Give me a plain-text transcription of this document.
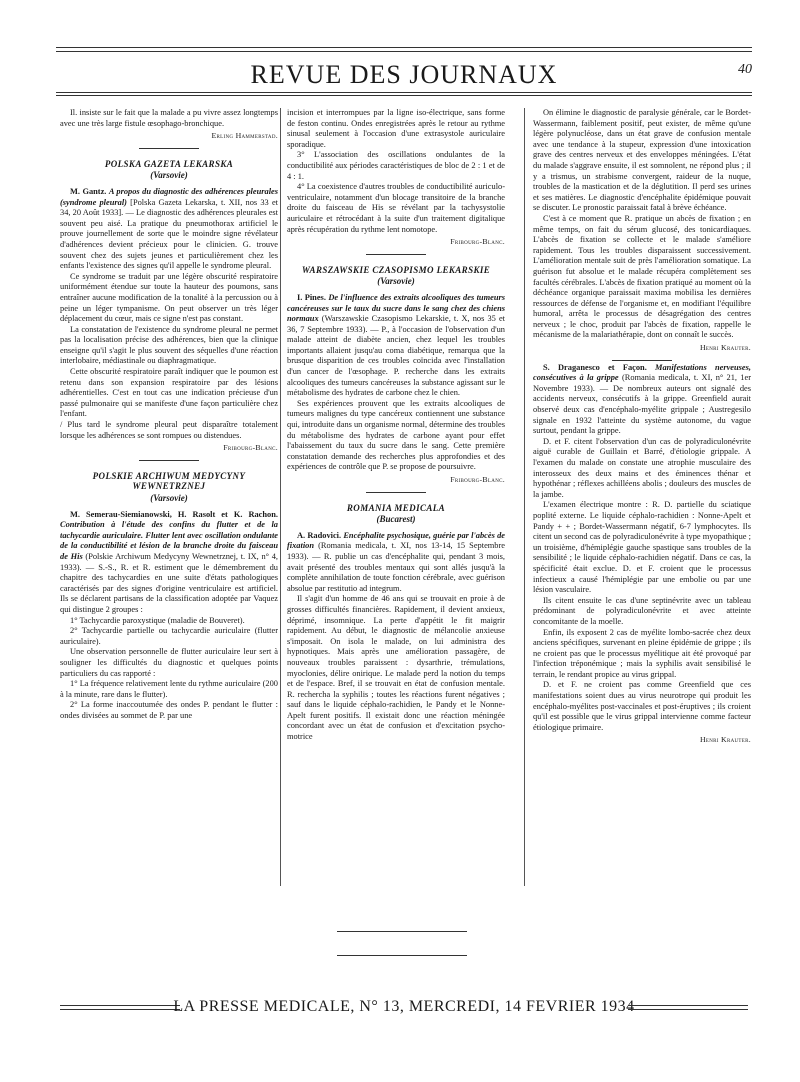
REVUE DES JOURNAUX	40

Il. insiste sur le fait que la malade a pu vivre assez longtemps avec une très large fistule œsophago-bronchique.

Erling Hammerstad.
POLSKA GAZETA LEKARSKA
(Varsovie)

M. Gantz. A propos du diagnostic des adhérences pleurales (syndrome pleural) [Polska Gazeta Lekarska, t. XII, nos 33 et 34, 20 Août 1933]. — Le diagnostic des adhérences pleurales est souvent peu aisé. La pratique du pneumothorax artificiel le prouve journellement de sorte que le moindre signe révélateur d'adhérences devient précieux pour le clinicien. G. trouve souvent chez des sujets jeunes et particulièrement chez les enfants l'existence des signes qu'il appelle le syndrome pleural.

Ce syndrome se traduit par une légère obscurité respiratoire uniformément étendue sur toute la hauteur des poumons, sans entraîner aucune modification de la tonalité à la percussion ou à peine un léger tympanisme. On peut observer un très léger déplacement du cœur, mais ce signe n'est pas constant.

La constatation de l'existence du syndrome pleural ne permet pas la localisation précise des adhérences, bien que la clinique enseigne qu'il s'agit le plus souvent des séquelles d'une réaction interlobaire, médiastinale ou diaphragmatique.

Cette obscurité respiratoire paraît indiquer que le poumon est retenu dans son expansion respiratoire par des lésions adhérentielles. C'est en tout cas une indication précieuse d'un passé pulmonaire qui se manifeste d'une façon particulière chez l'enfant.

/ Plus tard le syndrome pleural peut disparaître totalement lorsque les adhérences se sont rompues ou distendues.

Fribourg-Blanc.
POLSKIE ARCHIWUM MEDYCYNY WEWNETRZNEJ
(Varsovie)

M. Semerau-Siemianowski, H. Rasolt et K. Rachon. Contribution à l'étude des confins du flutter et de la tachycardie auriculaire. Flutter lent avec oscillation ondulante de la conductibilité et lésion de la branche droite du faisceau de His (Polskie Archiwum Medycyny Wewnetrznej, t. IX, n° 4, 1933). — S.-S., R. et R. estiment que le démembrement du chapitre des tachycardies en une suite d'états pathologiques caractérisés par des signes d'origine ventriculaire est artificiel. Ils se déclarent partisans de la classification adoptée par Vaquez qui distingue 2 groupes :

1° Tachycardie paroxystique (maladie de Bouveret).

2° Tachycardie partielle ou tachycardie auriculaire (flutter auriculaire).

Une observation personnelle de flutter auriculaire leur sert à souligner les difficultés du diagnostic et quelques points particuliers du cas rapporté :

1° La fréquence relativement lente du rythme auriculaire (200 à la minute, rare dans le flutter).

2° La forme inaccoutumée des ondes P. pendant le flutter : ondes divisées au sommet de P. par une

incision et interrompues par la ligne iso-électrique, sans forme de feston continu. Ondes enregistrées après le retour au rythme sinusal seulement à l'occasion d'une extrasystole auriculaire sporadique.

3° L'association des oscillations ondulantes de la conductibilité aux périodes caractéristiques de bloc de 2 : 1 et de 4 : 1.

4° La coexistence d'autres troubles de conductibilité auriculo-ventriculaire, notamment d'un blocage transitoire de la branche droite du faisceau de His se révélant par la tachysystolie auriculaire et rétrocédant à la suite d'un traitement digitalique après récupération du rythme lent nomotope.

Fribourg-Blanc.
WARSZAWSKIE CZASOPISMO LEKARSKIE
(Varsovie)

I. Pines. De l'influence des extraits alcooliques des tumeurs cancéreuses sur le taux du sucre dans le sang chez des chiens normaux (Warszawskie Czasopismo Lekarskie, t. X, nos 35 et 36, 7 Septembre 1933). — P., à l'occasion de l'observation d'un malade atteint de diabète ancien, chez lequel les troubles importants allaient jusqu'au coma diabétique, remarqua que la brusque disparition de ces troubles coïncida avec l'installation d'un cancer de l'œsophage. P. recherche dans les extraits alcooliques des tumeurs cancéreuses la substance agissant sur le métabolisme des hydrates de carbone chez le chien.

Ses expériences prouvent que les extraits alcooliques de tumeurs malignes du type cancéreux contiennent une substance qui, introduite dans un organisme normal, détermine des troubles du métabolisme des hydrates de carbone ayant pour effet l'abaissement du taux du sucre dans le sang. Cette première constatation demande des recherches plus approfondies et des expériences de contrôle que P. se propose de poursuivre.

Fribourg-Blanc.
ROMANIA MEDICALA
(Bucarest)

A. Radovici. Encéphalite psychosique, guérie par l'abcès de fixation (Romania medicala, t. XI, nos 13-14, 15 Septembre 1933). — R. publie un cas d'encéphalite qui, pendant 3 mois, avait présenté des troubles mentaux qui sont allés jusqu'à la complète annihilation de toute fonction cérébrale, avec guérison absolue par restitutio ad integrum.

Il s'agit d'un homme de 46 ans qui se trouvait en proie à de grosses difficultés financières. Rapidement, il devient anxieux, déprimé, insomnique. La perte d'appétit le fit maigrir rapidement. Au début, le diagnostic de mélancolie anxieuse s'imposait. On isola le malade, on lui administra des hypnotiques. Mais après une amélioration passagère, de nouveaux troubles paraissent : dysarthrie, trémulations, myoclonies, délire onirique. Le malade perd la notion du temps et de l'espace. Bref, il se trouvait en état de confusion mentale. R. rechercha la syphilis ; toutes les réactions furent négatives ; sauf dans le liquide céphalo-rachidien, le Pandy et le Nonne-Apelt furent positifs. Il existait donc une réaction méningée concordant avec un état de confusion et d'excitation psycho-motrice

On élimine le diagnostic de paralysie générale, car le Bordet-Wassermann, faiblement positif, peut exister, de même qu'une légère polynucléose, dans un état grave de confusion mentale avec une tendance à la stupeur, expression d'une intoxication grave des centres nerveux et des enveloppes méningées. L'état du malade s'aggrave ensuite, il est somnolent, ne répond plus ; il y a trismus, un strabisme convergent, raideur de la nuque, troubles de la mastication et de la déglutition. Il perd ses urines et ses matières. Le diagnostic d'encéphalite épidémique pouvait se discuter. Le pronostic paraissait fatal à brève échéance.

C'est à ce moment que R. pratique un abcès de fixation ; en même temps, on fait du sérum glucosé, des tonicardiaques. L'abcès de fixation se collecte et le malade s'améliore rapidement. Tous les troubles disparaissent successivement. L'amélioration mentale suit de près l'amélioration somatique. La guérison fut absolue et le malade récupéra complètement ses facultés cérébrales. L'abcès de fixation pratiqué au moment où la déchéance organique paraissait maxima mobilisa les dernières ressources de défense de l'organisme et, en modifiant l'équilibre humoral, arrêta le processus de désagrégation des centres nerveux ; le choc, produit par l'abcès de fixation, rappelle le mécanisme de la malariathérapie, dont on connaît le succès.

Henri Krauter.

S. Draganesco et Façon. Manifestations nerveuses, consécutives à la grippe (Romania medicala, t. XI, n° 21, 1er Novembre 1933). — De nombreux auteurs ont signalé des accidents nerveux, consécutifs à la grippe. Greenfield aurait observé deux cas d'encéphalo-myélite grippale ; Austregesilo signale en 1932 l'atteinte du système autonome, du vague surtout, pendant la grippe.

D. et F. citent l'observation d'un cas de polyradiculonévrite aiguë curable de Guillain et Barré, d'étiologie grippale. A l'examen du malade on constate une atrophie musculaire des interosseux des deux mains et des éminences thénar et hypothénar ; réflexes achilléens abolis ; douleurs des muscles de la jambe.

L'examen électrique montre : R. D. partielle du sciatique poplité externe. Le liquide céphalo-rachidien : Nonne-Apelt et Pandy + + ; Bordet-Wassermann négatif, 6-7 lymphocytes. Ils citent un second cas de polyradiculonévrite à type myopathique ; un troisième, d'hémiplégie gauche spastique sans troubles de la sensibilité ; le liquide céphalo-rachidien négatif. Dans ce cas, la spécificité était exclue. D. et F. croient que le processus infectieux a causé l'hémiplégie par une embolie ou par une lésion vasculaire.

Ils citent ensuite le cas d'une septinévrite avec un tableau prédominant de polyradiculonévrite et avec atteinte concomitante de la moelle.

Enfin, ils exposent 2 cas de myélite lombo-sacrée chez deux anciens spécifiques, survenant en pleine épidémie de grippe ; ils ne croient pas que le processus myélitique ait été provoqué par l'infection tréponémique ; mais la syphilis avait sensibilisé le terrain, le rendant propice au virus grippal.

D. et F. ne croient pas comme Greenfield que ces manifestations soient dues au virus neurotrope qui produit les encéphalo-myélites post-vaccinales et post-éruptives ; ils croient qu'il est possible que le virus grippal intervienne comme facteur étiologique primaire.

Henri Krauter.
LA PRESSE MEDICALE, N° 13, MERCREDI, 14 FEVRIER 1934
